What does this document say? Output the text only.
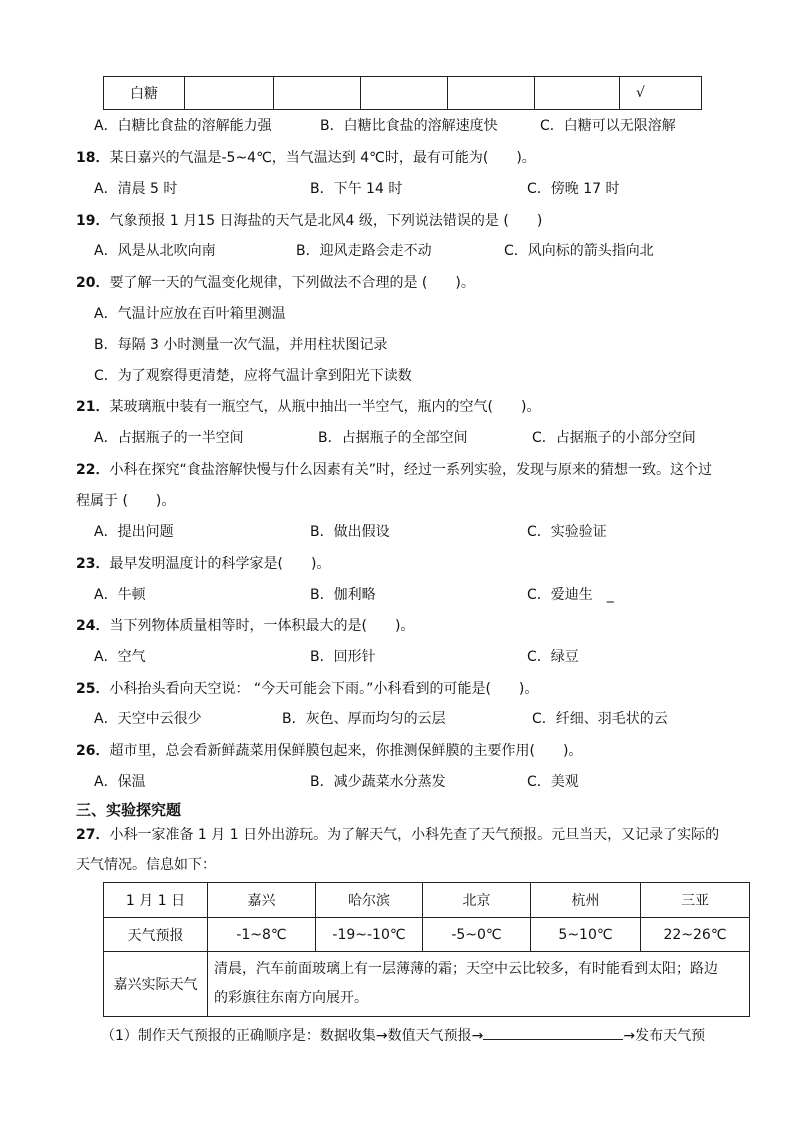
白糖						√
A．白糖比食盐的溶解能力强	B．白糖比食盐的溶解速度快	C．白糖可以无限溶解
18．某日嘉兴的气温是-5~4℃，当气温达到 4℃时，最有可能为(　　)。
A．清晨 5 时	B．下午 14 时	C．傍晚 17 时
19．气象预报 1 月15 日海盐的天气是北风4 级，下列说法错误的是 (　　)
A．风是从北吹向南	B．迎风走路会走不动	C．风向标的箭头指向北
20．要了解一天的气温变化规律，下列做法不合理的是 (　　)。
A．气温计应放在百叶箱里测温
B．每隔 3 小时测量一次气温，并用柱状图记录
C．为了观察得更清楚，应将气温计拿到阳光下读数
21．某玻璃瓶中装有一瓶空气，从瓶中抽出一半空气，瓶内的空气(　　)。
A．占据瓶子的一半空间	B．占据瓶子的全部空间	C．占据瓶子的小部分空间
22．小科在探究“食盐溶解快慢与什么因素有关”时，经过一系列实验，发现与原来的猜想一致。这个过
程属于 (　　)。
A．提出问题	B．做出假设	C．实验验证
23．最早发明温度计的科学家是(　　)。
A．牛顿	B．伽利略	C．爱迪生　_
24．当下列物体质量相等时，一体积最大的是(　　)。
A．空气	B．回形针	C．绿豆
25．小科抬头看向天空说： “今天可能会下雨。”小科看到的可能是(　　)。
A．天空中云很少	B．灰色、厚而均匀的云层	C．纤细、羽毛状的云
26．超市里，总会看新鲜蔬菜用保鲜膜包起来，你推测保鲜膜的主要作用(　　)。
A．保温	B．减少蔬菜水分蒸发	C．美观
三、实验探究题
27．小科一家准备 1 月 1 日外出游玩。为了解天气，小科先查了天气预报。元旦当天，又记录了实际的
天气情况。信息如下：
1 月 1 日	嘉兴	哈尔滨	北京	杭州	三亚
天气预报	-1~8℃	-19~-10℃	-5~0℃	5~10℃	22~26℃
嘉兴实际天气	清晨，汽车前面玻璃上有一层薄薄的霜；天空中云比较多，有时能看到太阳；路边
的彩旗往东南方向展开。				
（1）制作天气预报的正确顺序是：数据收集→数值天气预报→	→发布天气预
